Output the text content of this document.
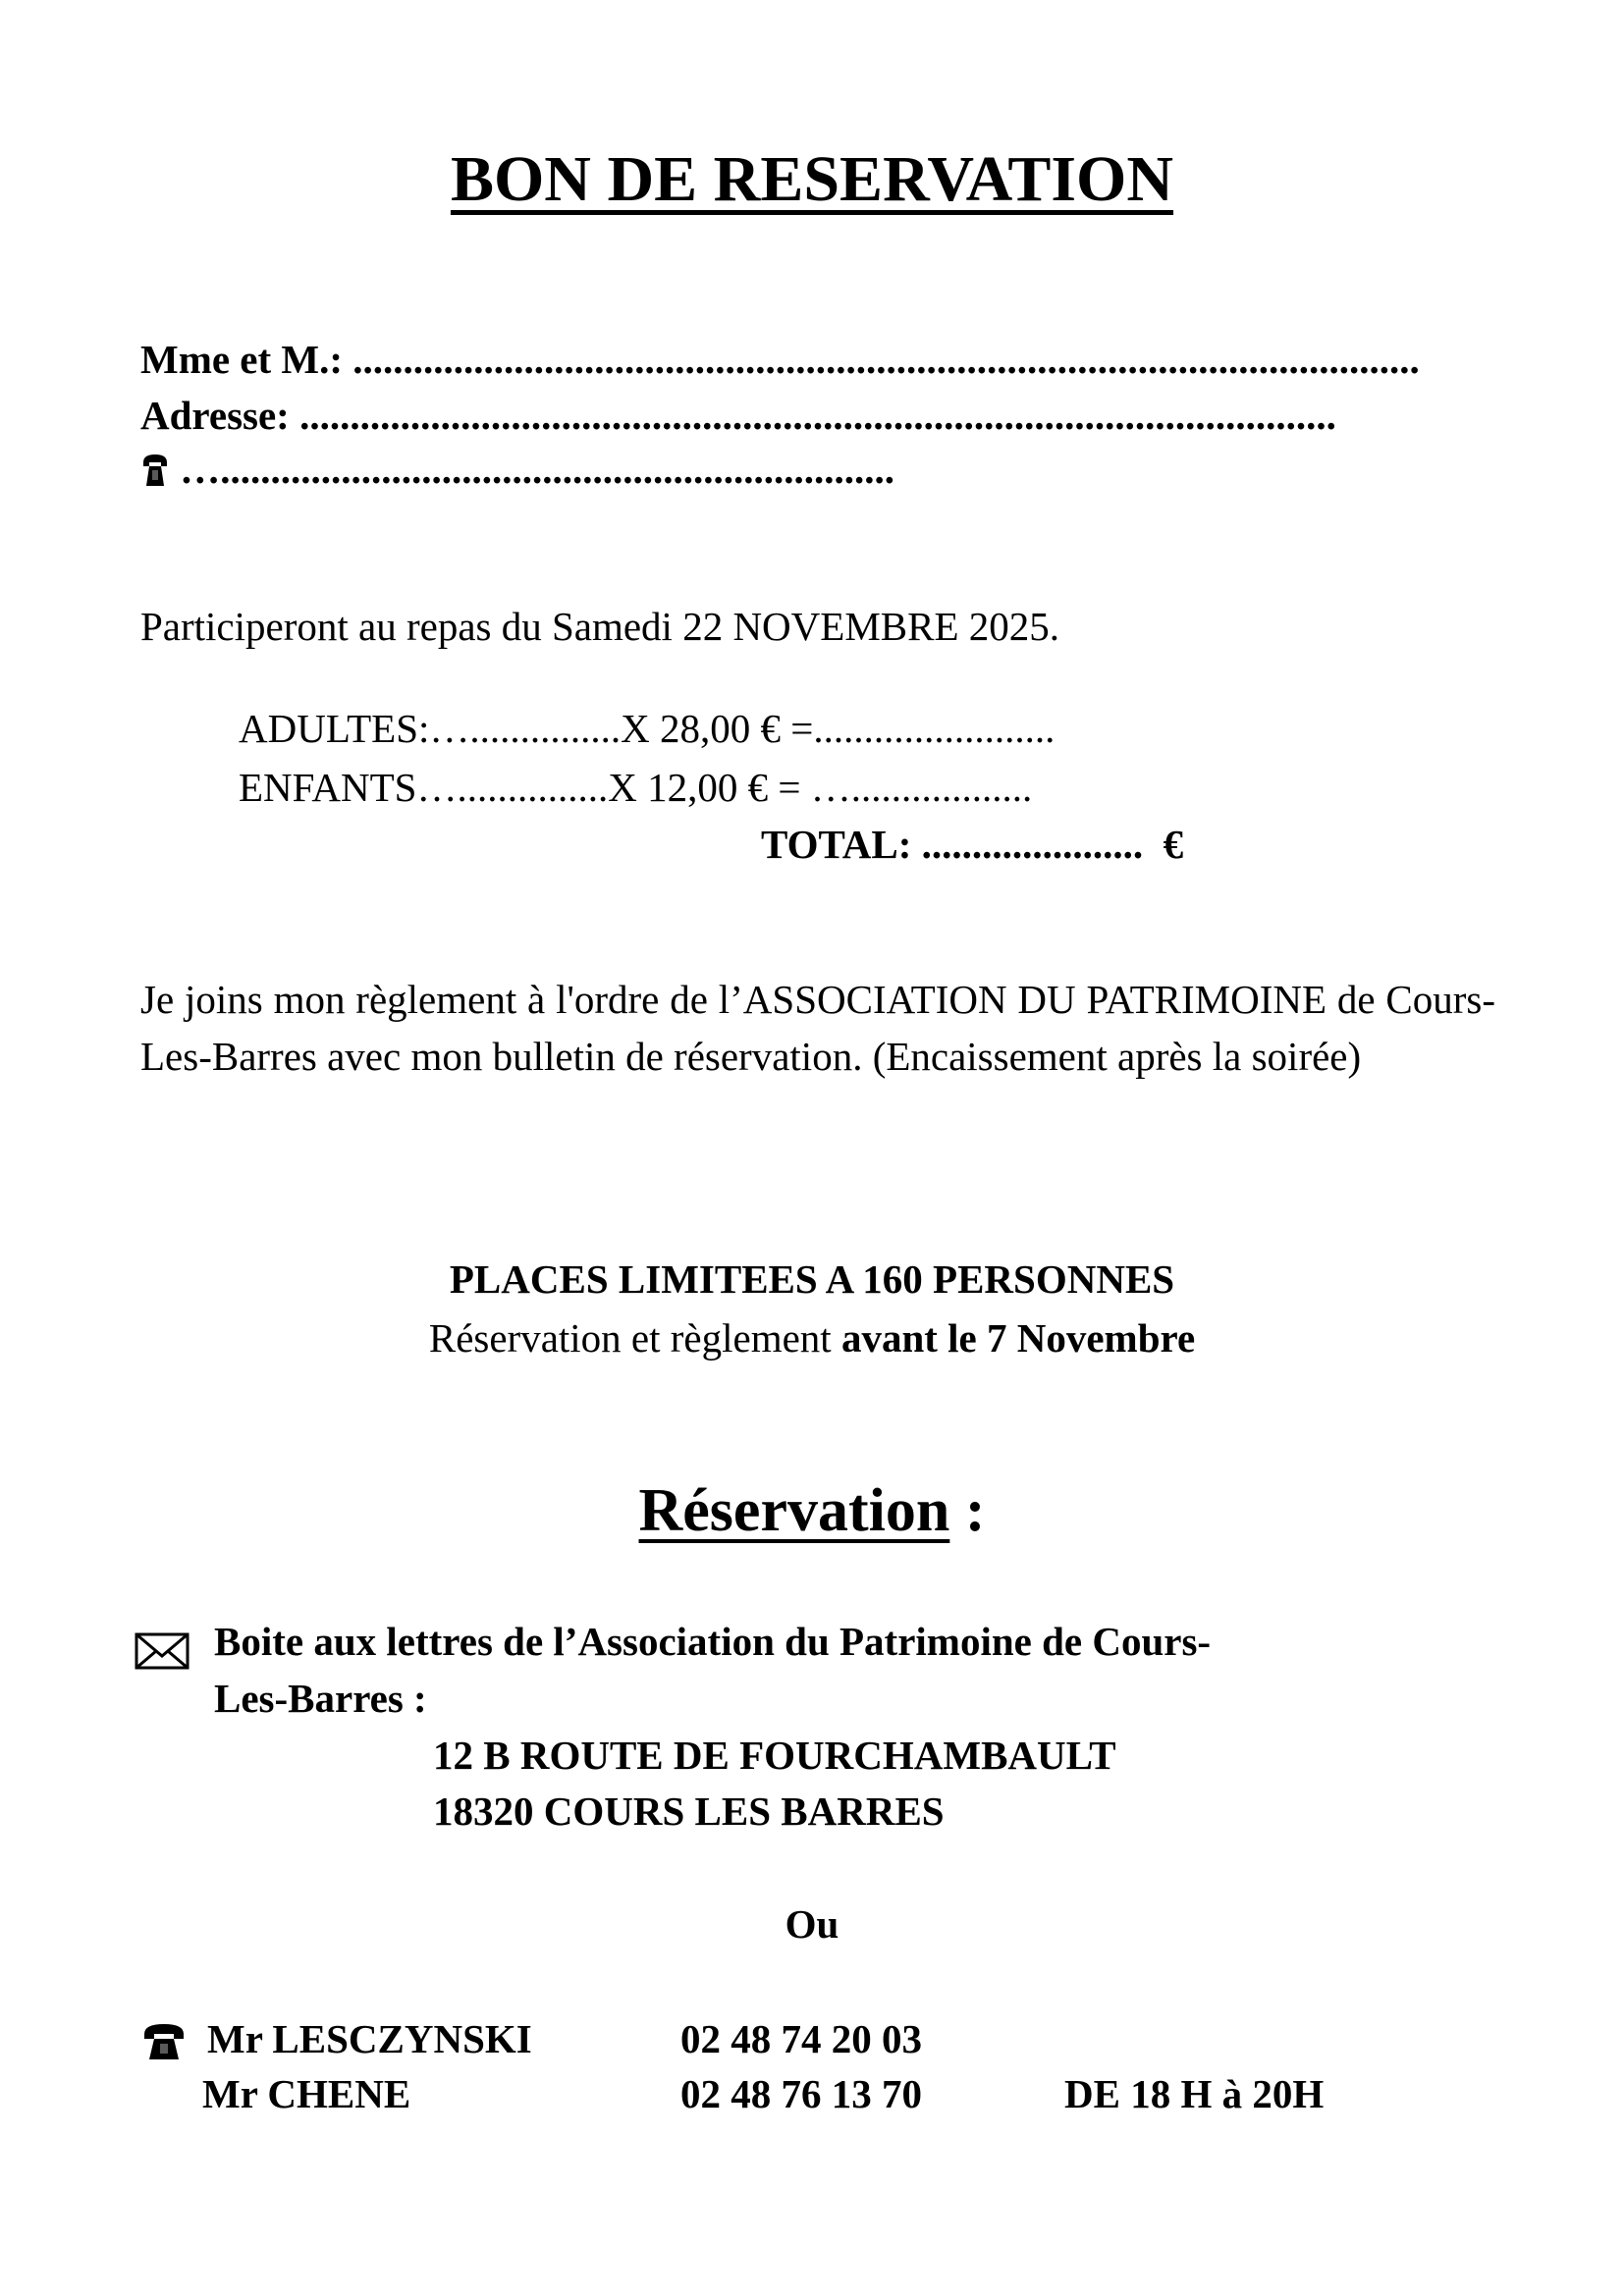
BON DE RESERVATION
Mme et M.: ..........................................................................................................
Adresse: .......................................................................................................
…...................................................................
Participeront au repas du Samedi 22 NOVEMBRE 2025.
ADULTES:…...............X 28,00 € =........................
ENFANTS…...............X 12,00 € = …..................
TOTAL: ...................... €
Je joins mon règlement à l'ordre de l’ASSOCIATION DU PATRIMOINE de Cours-Les-Barres avec mon bulletin de réservation. (Encaissement après la soirée)
PLACES LIMITEES A 160 PERSONNES
Réservation et règlement avant le 7 Novembre
Réservation :
Boite aux lettres de l’Association du Patrimoine de Cours-
Les-Barres :
12 B ROUTE DE FOURCHAMBAULT
18320 COURS LES BARRES
Ou
Mr LESCZYNSKI	02 48 74 20 03
Mr CHENE	02 48 76 13 70	DE 18 H à 20H
